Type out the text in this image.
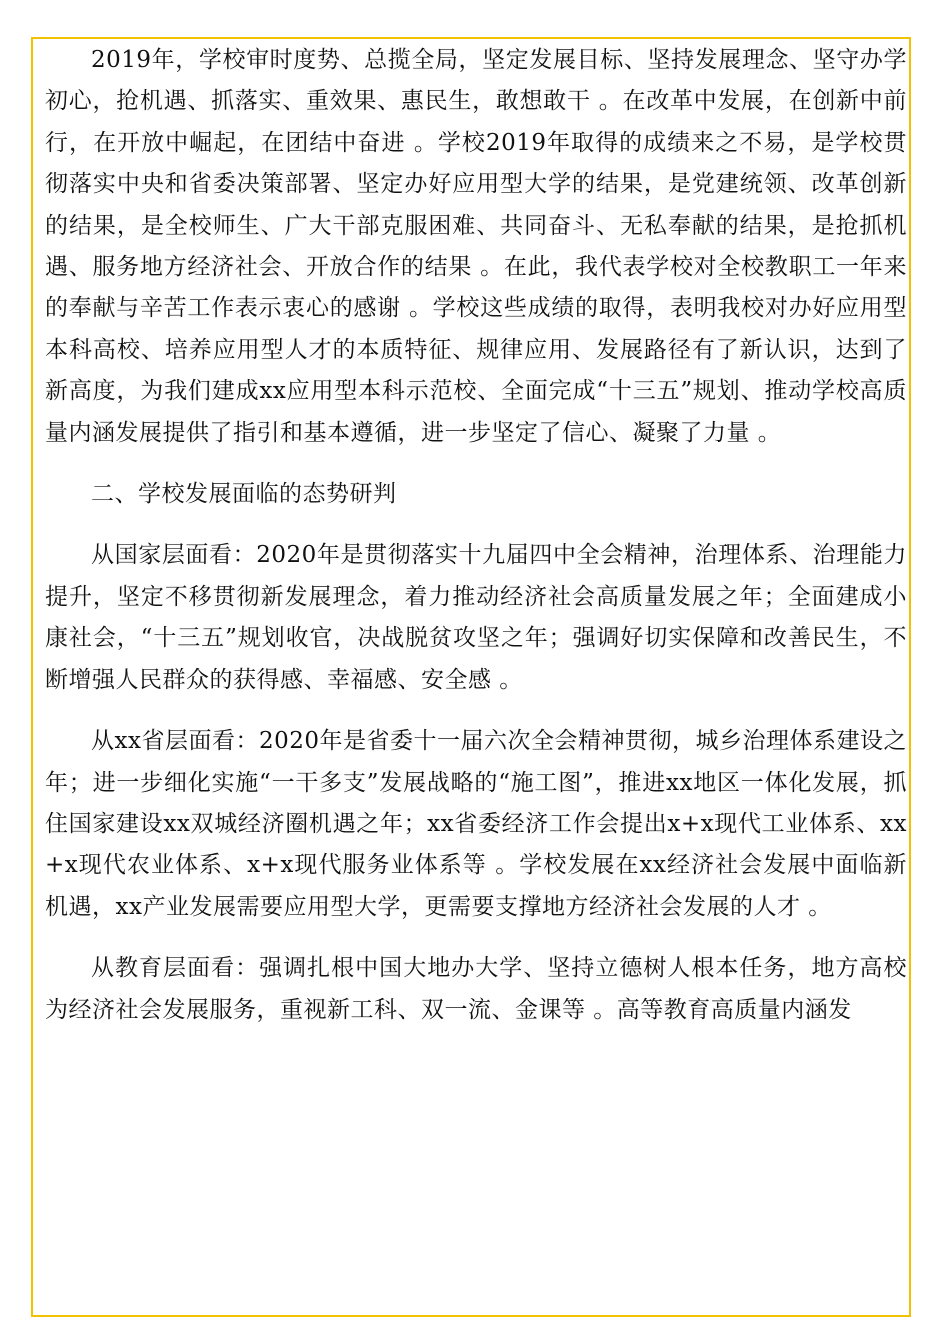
2019年，学校审时度势、总揽全局，坚定发展目标、坚持发展理念、坚守办学初心，抢机遇、抓落实、重效果、惠民生，敢想敢干 。在改革中发展，在创新中前行，在开放中崛起，在团结中奋进 。学校2019年取得的成绩来之不易，是学校贯彻落实中央和省委决策部署、坚定办好应用型大学的结果，是党建统领、改革创新的结果，是全校师生、广大干部克服困难、共同奋斗、无私奉献的结果，是抢抓机遇、服务地方经济社会、开放合作的结果 。在此，我代表学校对全校教职工一年来的奉献与辛苦工作表示衷心的感谢 。学校这些成绩的取得，表明我校对办好应用型本科高校、培养应用型人才的本质特征、规律应用、发展路径有了新认识，达到了新高度，为我们建成xx应用型本科示范校、全面完成“十三五”规划、推动学校高质量内涵发展提供了指引和基本遵循，进一步坚定了信心、凝聚了力量 。

二、学校发展面临的态势研判

从国家层面看：2020年是贯彻落实十九届四中全会精神，治理体系、治理能力提升，坚定不移贯彻新发展理念，着力推动经济社会高质量发展之年；全面建成小康社会，“十三五”规划收官，决战脱贫攻坚之年；强调好切实保障和改善民生，不断增强人民群众的获得感、幸福感、安全感 。

从xx省层面看：2020年是省委十一届六次全会精神贯彻，城乡治理体系建设之年；进一步细化实施“一干多支”发展战略的“施工图”，推进xx地区一体化发展，抓住国家建设xx双城经济圈机遇之年；xx省委经济工作会提出x+x现代工业体系、xx+x现代农业体系、x+x现代服务业体系等 。学校发展在xx经济社会发展中面临新机遇，xx产业发展需要应用型大学，更需要支撑地方经济社会发展的人才 。

从教育层面看：强调扎根中国大地办大学、坚持立德树人根本任务，地方高校为经济社会发展服务，重视新工科、双一流、金课等 。高等教育高质量内涵发
